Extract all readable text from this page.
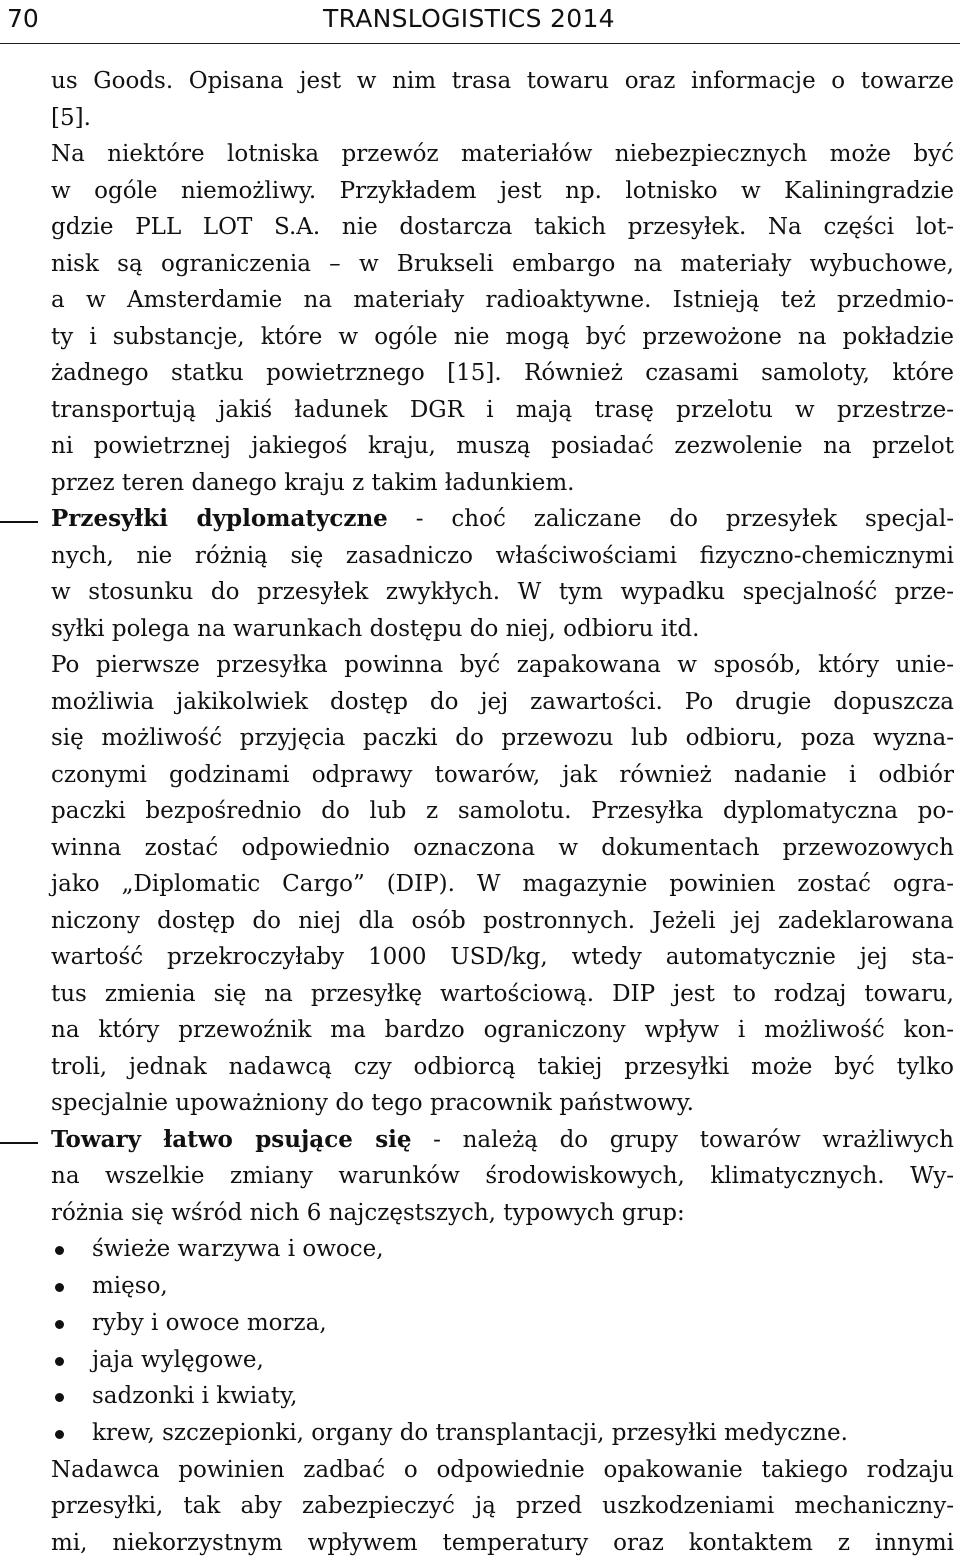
70	TRANSLOGISTICS 2014
us Goods. Opisana jest w nim trasa towaru oraz informacje o towarze
[5].
Na niektóre lotniska przewóz materiałów niebezpiecznych może być
w ogóle niemożliwy. Przykładem jest np. lotnisko w Kaliningradzie
gdzie PLL LOT S.A. nie dostarcza takich przesyłek. Na części lot-
nisk są ograniczenia – w Brukseli embargo na materiały wybuchowe,
a w Amsterdamie na materiały radioaktywne. Istnieją też przedmio-
ty i substancje, które w ogóle nie mogą być przewożone na pokładzie
żadnego statku powietrznego [15]. Również czasami samoloty, które
transportują jakiś ładunek DGR i mają trasę przelotu w przestrze-
ni powietrznej jakiegoś kraju, muszą posiadać zezwolenie na przelot
przez teren danego kraju z takim ładunkiem.
Przesyłki dyplomatyczne - choć zaliczane do przesyłek specjal-
nych, nie różnią się zasadniczo właściwościami fizyczno-chemicznymi
w stosunku do przesyłek zwykłych. W tym wypadku specjalność prze-
syłki polega na warunkach dostępu do niej, odbioru itd.
Po pierwsze przesyłka powinna być zapakowana w sposób, który unie-
możliwia jakikolwiek dostęp do jej zawartości. Po drugie dopuszcza
się możliwość przyjęcia paczki do przewozu lub odbioru, poza wyzna-
czonymi godzinami odprawy towarów, jak również nadanie i odbiór
paczki bezpośrednio do lub z samolotu. Przesyłka dyplomatyczna po-
winna zostać odpowiednio oznaczona w dokumentach przewozowych
jako „Diplomatic Cargo” (DIP). W magazynie powinien zostać ogra-
niczony dostęp do niej dla osób postronnych. Jeżeli jej zadeklarowana
wartość przekroczyłaby 1000 USD/kg, wtedy automatycznie jej sta-
tus zmienia się na przesyłkę wartościową. DIP jest to rodzaj towaru,
na który przewoźnik ma bardzo ograniczony wpływ i możliwość kon-
troli, jednak nadawcą czy odbiorcą takiej przesyłki może być tylko
specjalnie upoważniony do tego pracownik państwowy.
Towary łatwo psujące się - należą do grupy towarów wrażliwych
na wszelkie zmiany warunków środowiskowych, klimatycznych. Wy-
różnia się wśród nich 6 najczęstszych, typowych grup:
świeże warzywa i owoce,
mięso,
ryby i owoce morza,
jaja wylęgowe,
sadzonki i kwiaty,
krew, szczepionki, organy do transplantacji, przesyłki medyczne.
Nadawca powinien zadbać o odpowiednie opakowanie takiego rodzaju
przesyłki, tak aby zabezpieczyć ją przed uszkodzeniami mechaniczny-
mi, niekorzystnym wpływem temperatury oraz kontaktem z innymi
